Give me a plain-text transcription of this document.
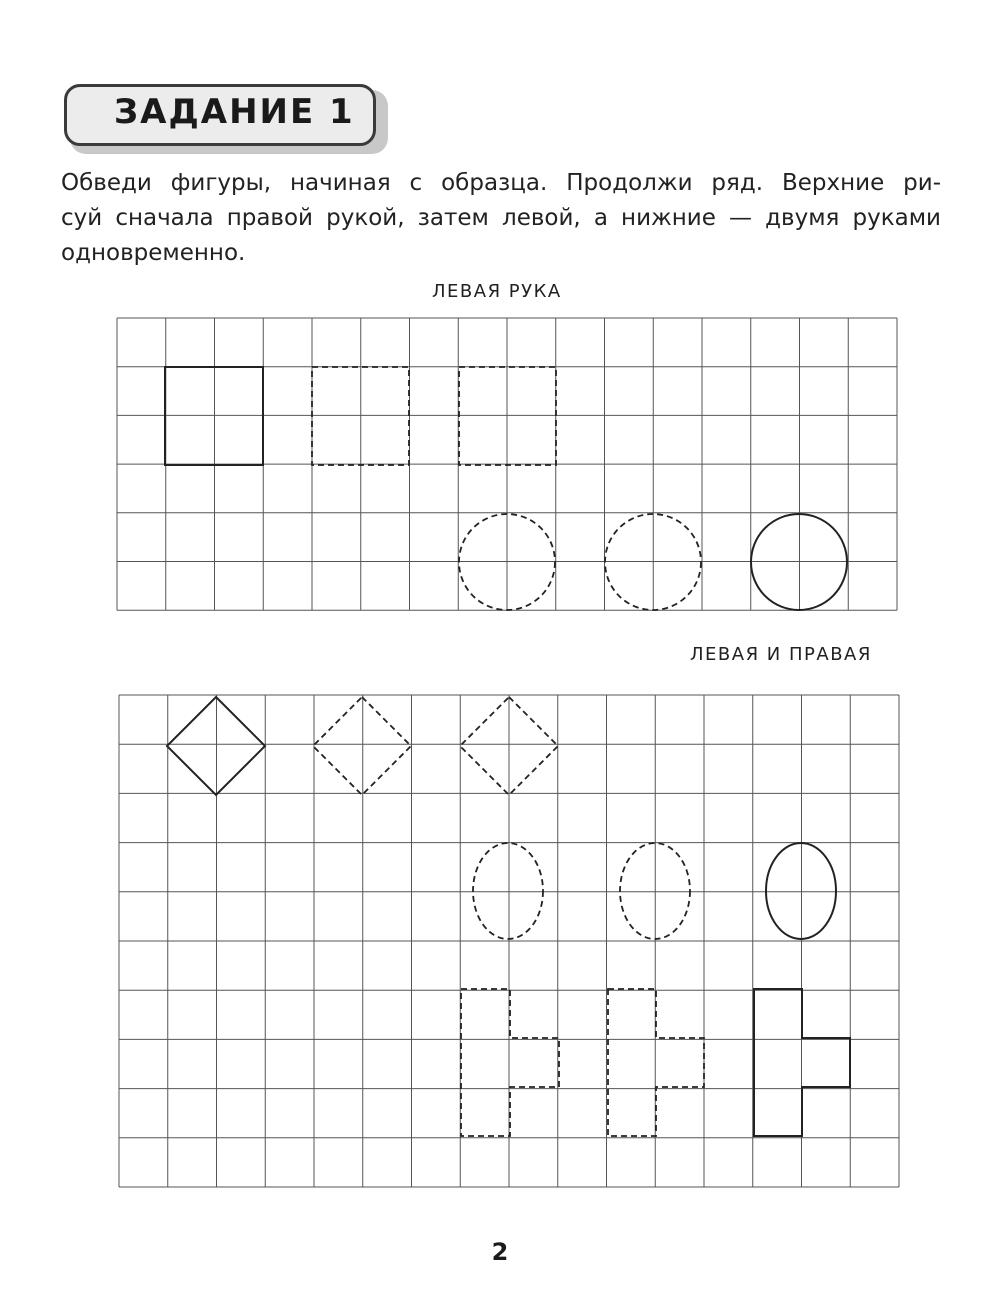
ЗАДАНИЕ 1
Обведи фигуры, начиная с образца. Продолжи ряд. Верхние ри-
суй сначала правой рукой, затем левой, а нижние — двумя руками
одновременно.
ЛЕВАЯ РУКА
ЛЕВАЯ И ПРАВАЯ
2
